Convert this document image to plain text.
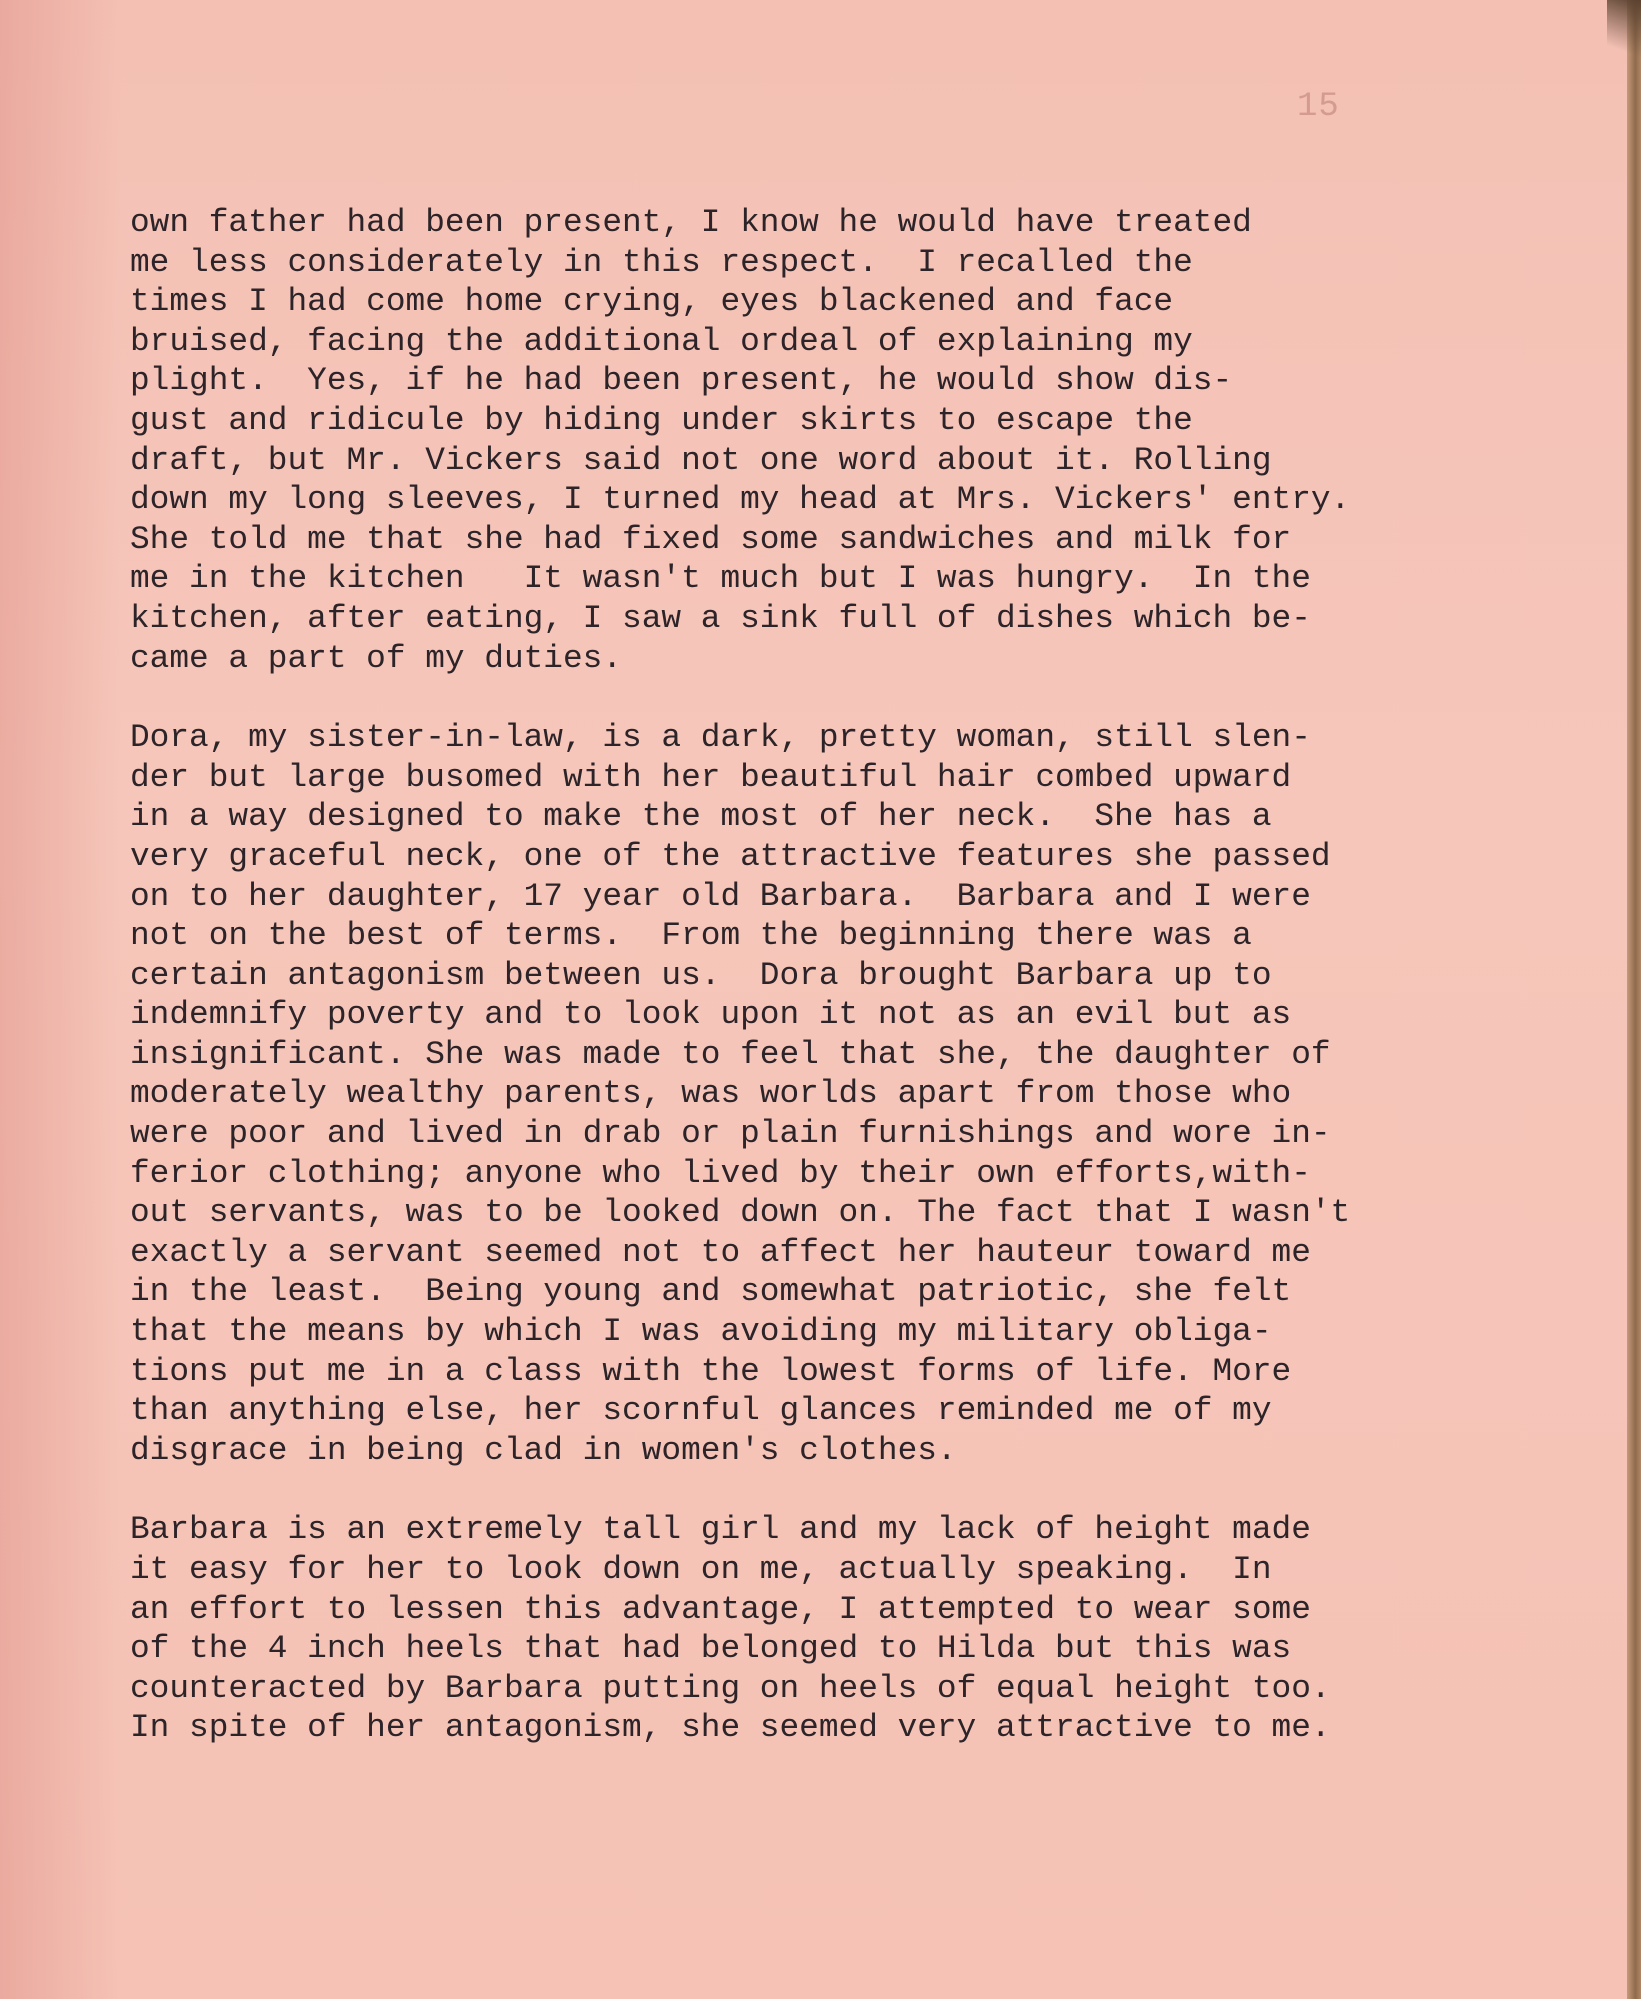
15
own father had been present, I know he would have treated
me less considerately in this respect.  I recalled the
times I had come home crying, eyes blackened and face
bruised, facing the additional ordeal of explaining my
plight.  Yes, if he had been present, he would show dis-
gust and ridicule by hiding under skirts to escape the
draft, but Mr. Vickers said not one word about it. Rolling
down my long sleeves, I turned my head at Mrs. Vickers' entry.
She told me that she had fixed some sandwiches and milk for
me in the kitchen   It wasn't much but I was hungry.  In the
kitchen, after eating, I saw a sink full of dishes which be-
came a part of my duties.
Dora, my sister-in-law, is a dark, pretty woman, still slen-
der but large busomed with her beautiful hair combed upward
in a way designed to make the most of her neck.  She has a
very graceful neck, one of the attractive features she passed
on to her daughter, 17 year old Barbara.  Barbara and I were
not on the best of terms.  From the beginning there was a
certain antagonism between us.  Dora brought Barbara up to
indemnify poverty and to look upon it not as an evil but as
insignificant. She was made to feel that she, the daughter of
moderately wealthy parents, was worlds apart from those who
were poor and lived in drab or plain furnishings and wore in-
ferior clothing; anyone who lived by their own efforts,with-
out servants, was to be looked down on. The fact that I wasn't
exactly a servant seemed not to affect her hauteur toward me
in the least.  Being young and somewhat patriotic, she felt
that the means by which I was avoiding my military obliga-
tions put me in a class with the lowest forms of life. More
than anything else, her scornful glances reminded me of my
disgrace in being clad in women's clothes.
Barbara is an extremely tall girl and my lack of height made
it easy for her to look down on me, actually speaking.  In
an effort to lessen this advantage, I attempted to wear some
of the 4 inch heels that had belonged to Hilda but this was
counteracted by Barbara putting on heels of equal height too.
In spite of her antagonism, she seemed very attractive to me.
